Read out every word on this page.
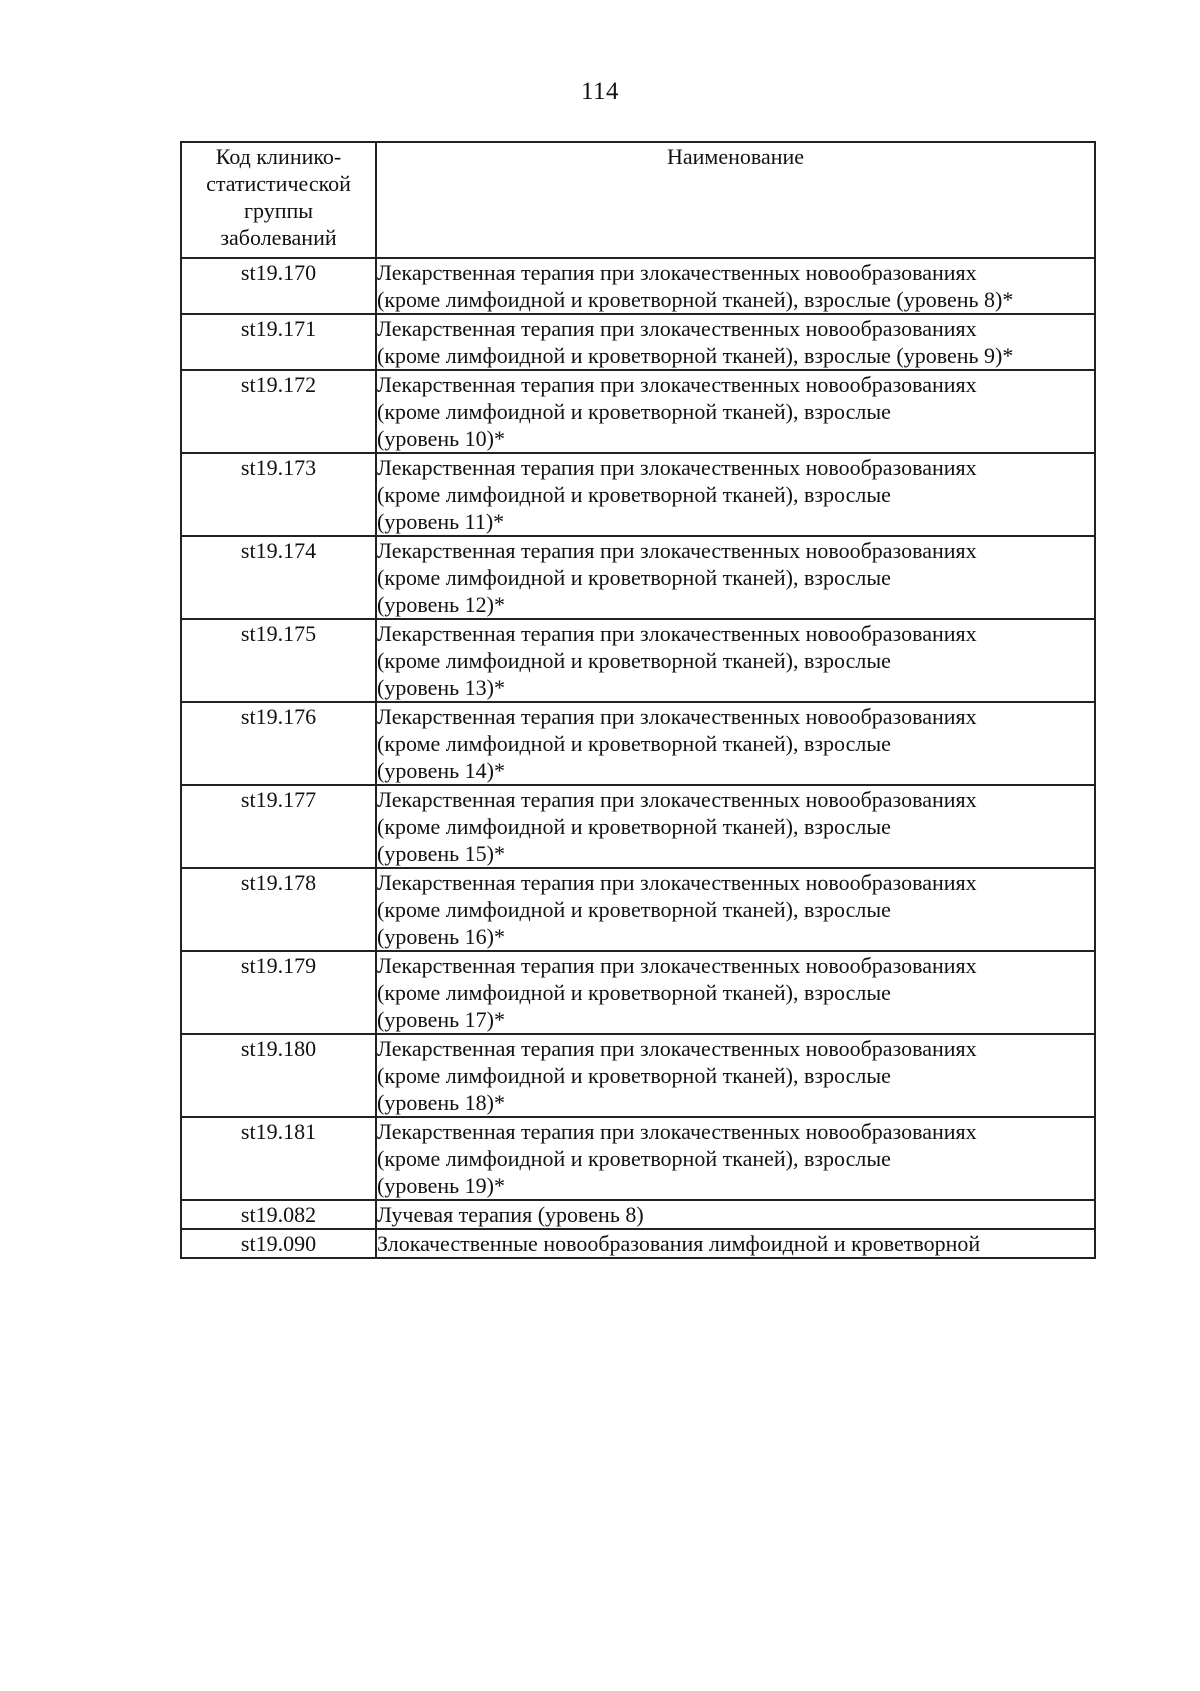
114
Код клинико-
статистической
группы
заболеваний	Наименование
st19.170	Лекарственная терапия при злокачественных новообразованиях
(кроме лимфоидной и кроветворной тканей), взрослые (уровень 8)*

st19.171	Лекарственная терапия при злокачественных новообразованиях
(кроме лимфоидной и кроветворной тканей), взрослые (уровень 9)*

st19.172	Лекарственная терапия при злокачественных новообразованиях
(кроме лимфоидной и кроветворной тканей), взрослые
(уровень 10)*

st19.173	Лекарственная терапия при злокачественных новообразованиях
(кроме лимфоидной и кроветворной тканей), взрослые
(уровень 11)*

st19.174	Лекарственная терапия при злокачественных новообразованиях
(кроме лимфоидной и кроветворной тканей), взрослые
(уровень 12)*

st19.175	Лекарственная терапия при злокачественных новообразованиях
(кроме лимфоидной и кроветворной тканей), взрослые
(уровень 13)*

st19.176	Лекарственная терапия при злокачественных новообразованиях
(кроме лимфоидной и кроветворной тканей), взрослые
(уровень 14)*

st19.177	Лекарственная терапия при злокачественных новообразованиях
(кроме лимфоидной и кроветворной тканей), взрослые
(уровень 15)*

st19.178	Лекарственная терапия при злокачественных новообразованиях
(кроме лимфоидной и кроветворной тканей), взрослые
(уровень 16)*

st19.179	Лекарственная терапия при злокачественных новообразованиях
(кроме лимфоидной и кроветворной тканей), взрослые
(уровень 17)*

st19.180	Лекарственная терапия при злокачественных новообразованиях
(кроме лимфоидной и кроветворной тканей), взрослые
(уровень 18)*

st19.181	Лекарственная терапия при злокачественных новообразованиях
(кроме лимфоидной и кроветворной тканей), взрослые
(уровень 19)*

st19.082	Лучевая терапия (уровень 8)

st19.090	Злокачественные новообразования лимфоидной и кроветворной
